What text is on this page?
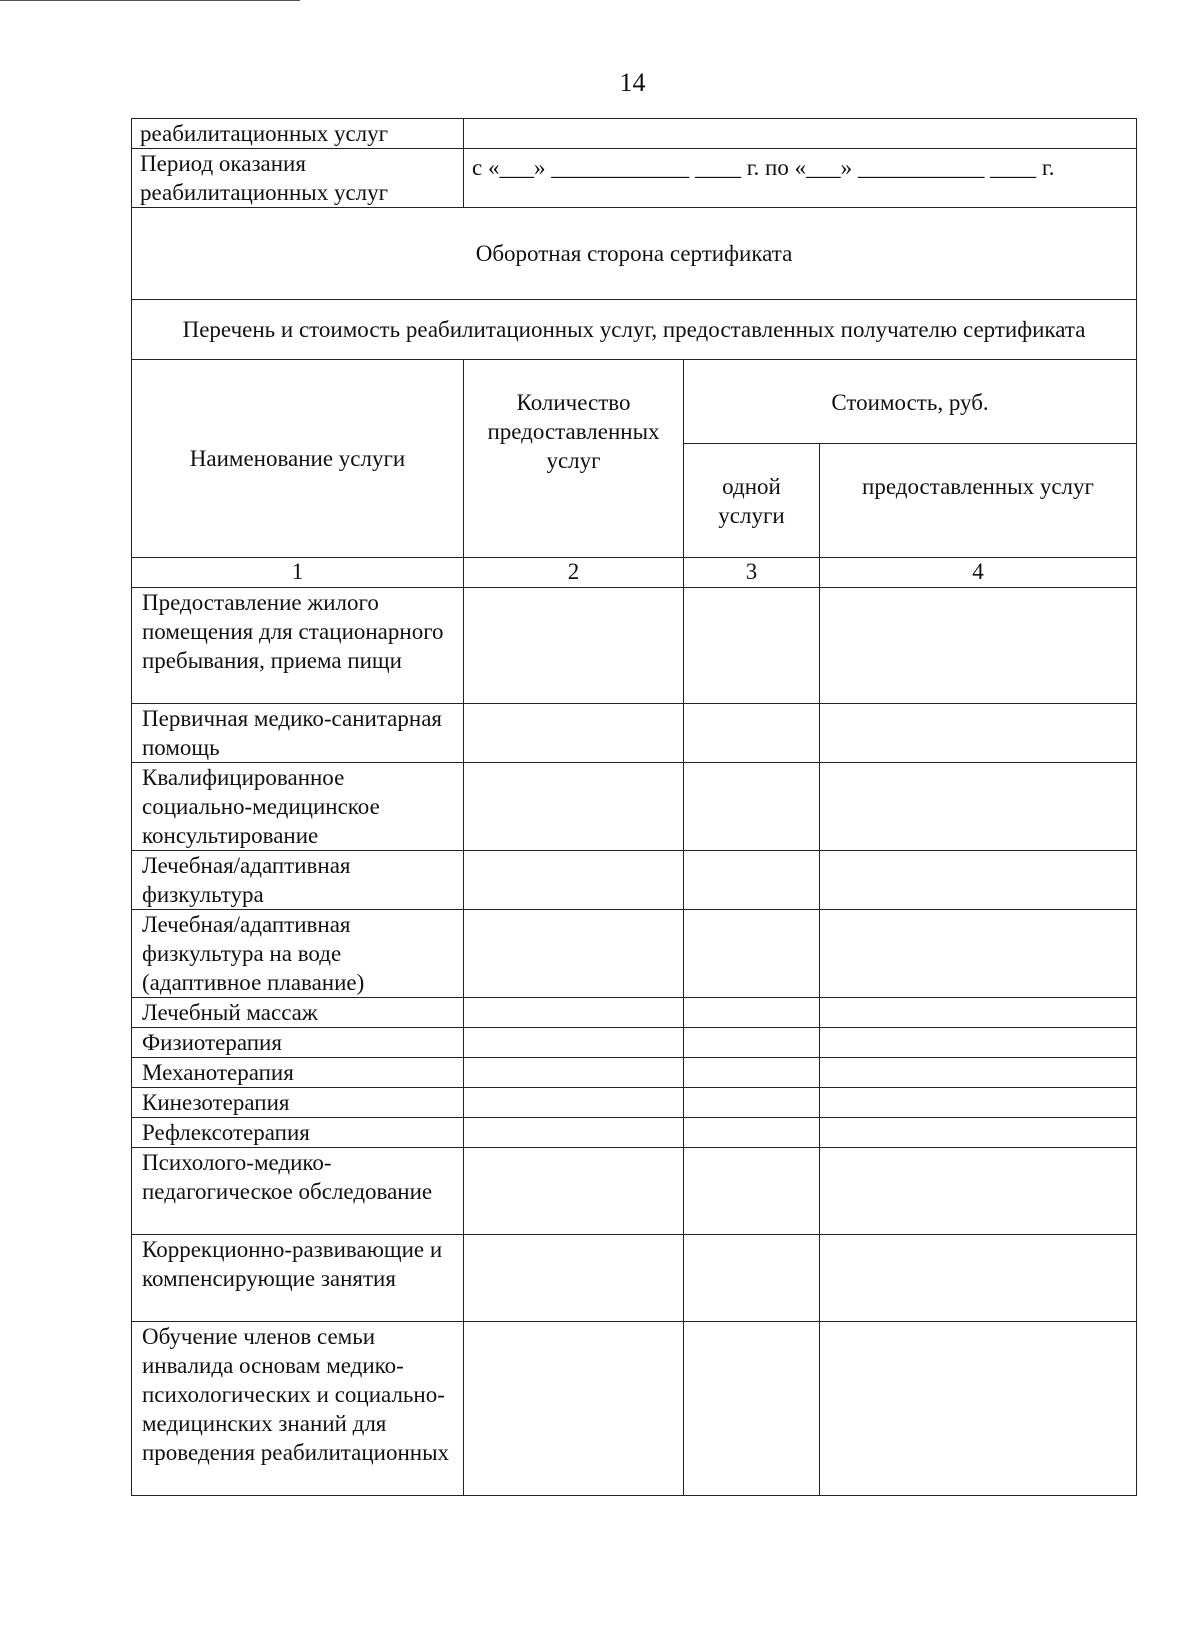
14
реабилитационных услуг			
Период оказания реабилитационных услуг	с «___» ____________ ____ г. по «___» ___________ ____ г.		
Оборотная сторона сертификата			
Перечень и стоимость реабилитационных услуг, предоставленных получателю сертификата			
Наименование услуги	Количество предоставленных услуг	Стоимость, руб.	
		одной услуги	предоставленных услуг
1	2	3	4
Предоставление жилого помещения для стационарного пребывания, приема пищи			
Первичная медико-санитарная помощь			
Квалифицированное социально-медицинское консультирование			
Лечебная/адаптивная физкультура			
Лечебная/адаптивная физкультура на воде (адаптивное плавание)			
Лечебный массаж			
Физиотерапия			
Механотерапия			
Кинезотерапия			
Рефлексотерапия			
Психолого-медико-педагогическое обследование			
Коррекционно-развивающие и компенсирующие занятия			
Обучение членов семьи инвалида основам медико-психологических и социально-медицинских знаний для проведения реабилитационных			
